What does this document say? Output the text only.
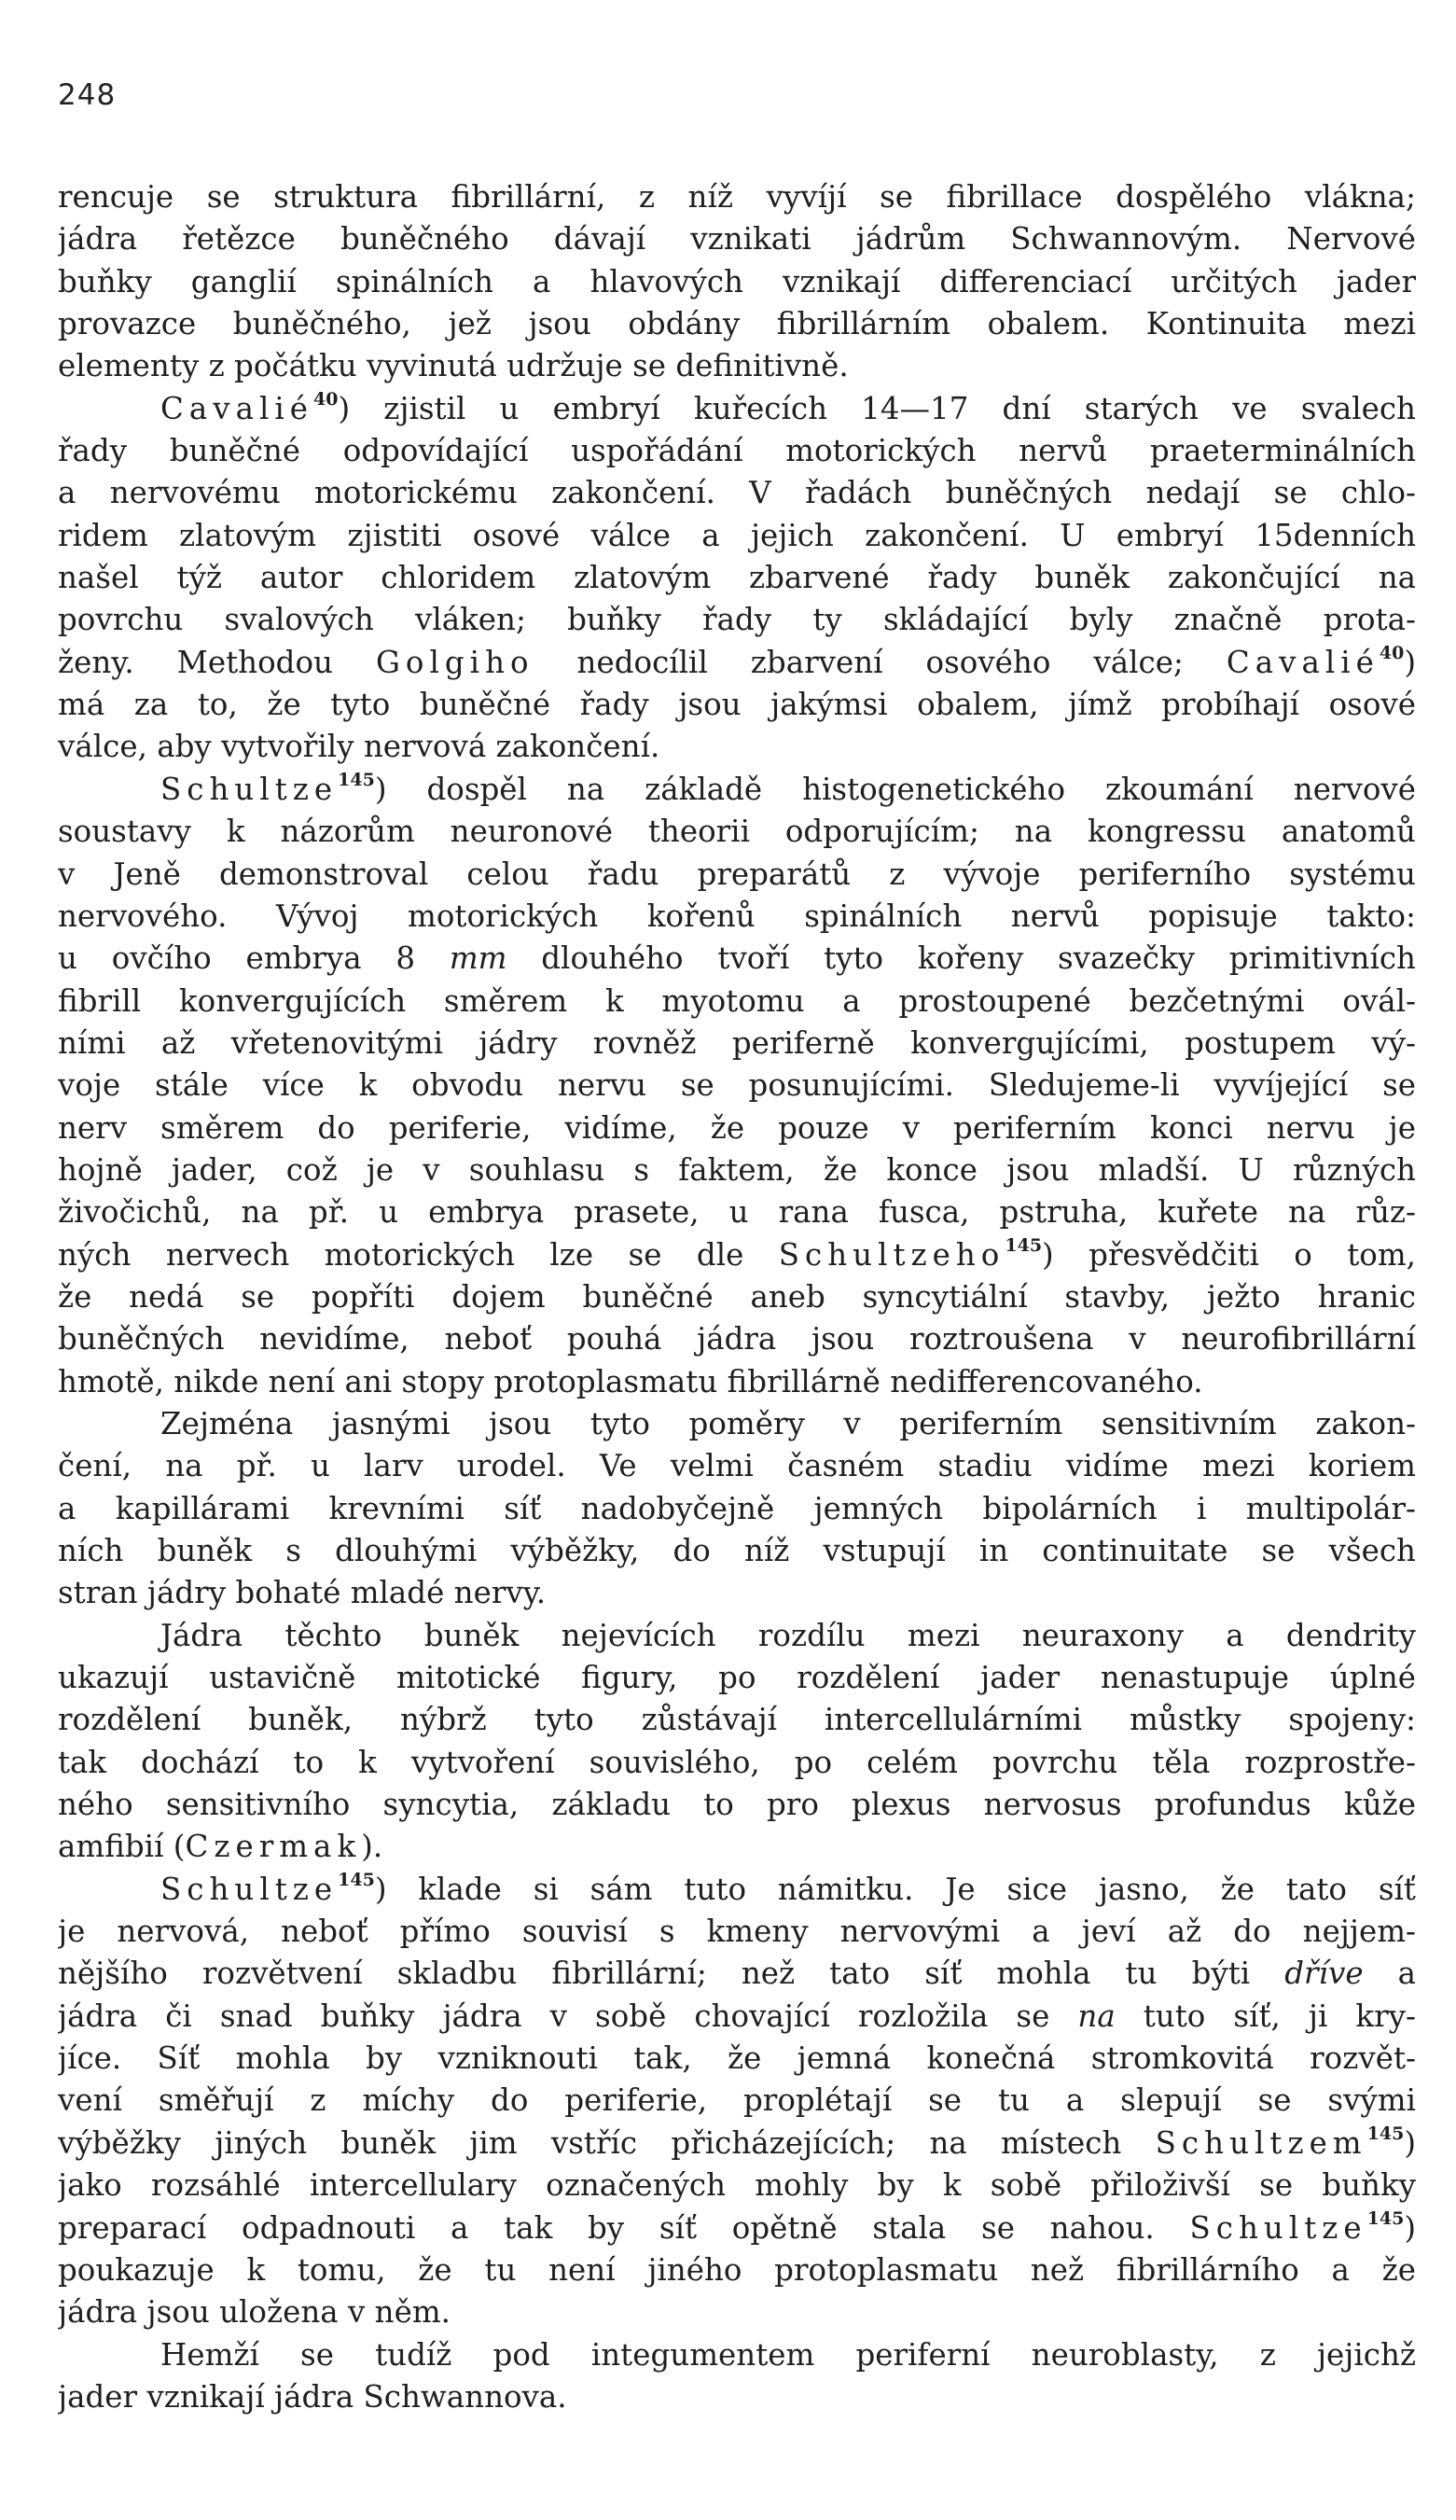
248
rencuje se struktura fibrillární, z níž vyvíjí se fibrillace dospělého vlákna;
jádra řetězce buněčného dávají vznikati jádrům Schwannovým. Nervové
buňky ganglií spinálních a hlavových vznikají differenciací určitých jader
provazce buněčného, jež jsou obdány fibrillárním obalem. Kontinuita mezi
elementy z počátku vyvinutá udržuje se definitivně.
Cavalié$^{40}$) zjistil u embryí kuřecích 14—17 dní starých ve svalech
řady buněčné odpovídající uspořádání motorických nervů praeterminálních
a nervovému motorickému zakončení. V řadách buněčných nedají se chlo-
ridem zlatovým zjistiti osové válce a jejich zakončení. U embryí 15denních
našel týž autor chloridem zlatovým zbarvené řady buněk zakončující na
povrchu svalových vláken; buňky řady ty skládající byly značně prota-
ženy. Methodou Golgiho nedocílil zbarvení osového válce; Cavalié$^{40}$)
má za to, že tyto buněčné řady jsou jakýmsi obalem, jímž probíhají osové
válce, aby vytvořily nervová zakončení.
Schultze$^{145}$) dospěl na základě histogenetického zkoumání nervové
soustavy k názorům neuronové theorii odporujícím; na kongressu anatomů
v Jeně demonstroval celou řadu preparátů z vývoje periferního systému
nervového. Vývoj motorických kořenů spinálních nervů popisuje takto:
u ovčího embrya 8 mm dlouhého tvoří tyto kořeny svazečky primitivních
fibrill konvergujících směrem k myotomu a prostoupené bezčetnými ovál-
ními až vřetenovitými jádry rovněž periferně konvergujícími, postupem vý-
voje stále více k obvodu nervu se posunujícími. Sledujeme-li vyvíjející se
nerv směrem do periferie, vidíme, že pouze v periferním konci nervu je
hojně jader, což je v souhlasu s faktem, že konce jsou mladší. U různých
živočichů, na př. u embrya prasete, u rana fusca, pstruha, kuřete na růz-
ných nervech motorických lze se dle Schultzeho$^{145}$) přesvědčiti o tom,
že nedá se popříti dojem buněčné aneb syncytiální stavby, ježto hranic
buněčných nevidíme, neboť pouhá jádra jsou roztroušena v neurofibrillární
hmotě, nikde není ani stopy protoplasmatu fibrillárně nedifferencovaného.
Zejména jasnými jsou tyto poměry v periferním sensitivním zakon-
čení, na př. u larv urodel. Ve velmi časném stadiu vidíme mezi koriem
a kapillárami krevními síť nadobyčejně jemných bipolárních i multipolár-
ních buněk s dlouhými výběžky, do níž vstupují in continuitate se všech
stran jádry bohaté mladé nervy.
Jádra těchto buněk nejevících rozdílu mezi neuraxony a dendrity
ukazují ustavičně mitotické figury, po rozdělení jader nenastupuje úplné
rozdělení buněk, nýbrž tyto zůstávají intercellulárními můstky spojeny:
tak dochází to k vytvoření souvislého, po celém povrchu těla rozprostře-
ného sensitivního syncytia, základu to pro plexus nervosus profundus kůže
amfibií (Czermak).
Schultze$^{145}$) klade si sám tuto námitku. Je sice jasno, že tato síť
je nervová, neboť přímo souvisí s kmeny nervovými a jeví až do nejjem-
nějšího rozvětvení skladbu fibrillární; než tato síť mohla tu býti dříve a
jádra či snad buňky jádra v sobě chovající rozložila se na tuto síť, ji kry-
jíce. Síť mohla by vzniknouti tak, že jemná konečná stromkovitá rozvět-
vení směřují z míchy do periferie, proplétají se tu a slepují se svými
výběžky jiných buněk jim vstříc přicházejících; na místech Schultzem$^{145}$)
jako rozsáhlé intercellulary označených mohly by k sobě přiloživší se buňky
preparací odpadnouti a tak by síť opětně stala se nahou. Schultze$^{145}$)
poukazuje k tomu, že tu není jiného protoplasmatu než fibrillárního a že
jádra jsou uložena v něm.
Hemží se tudíž pod integumentem periferní neuroblasty, z jejichž
jader vznikají jádra Schwannova.
